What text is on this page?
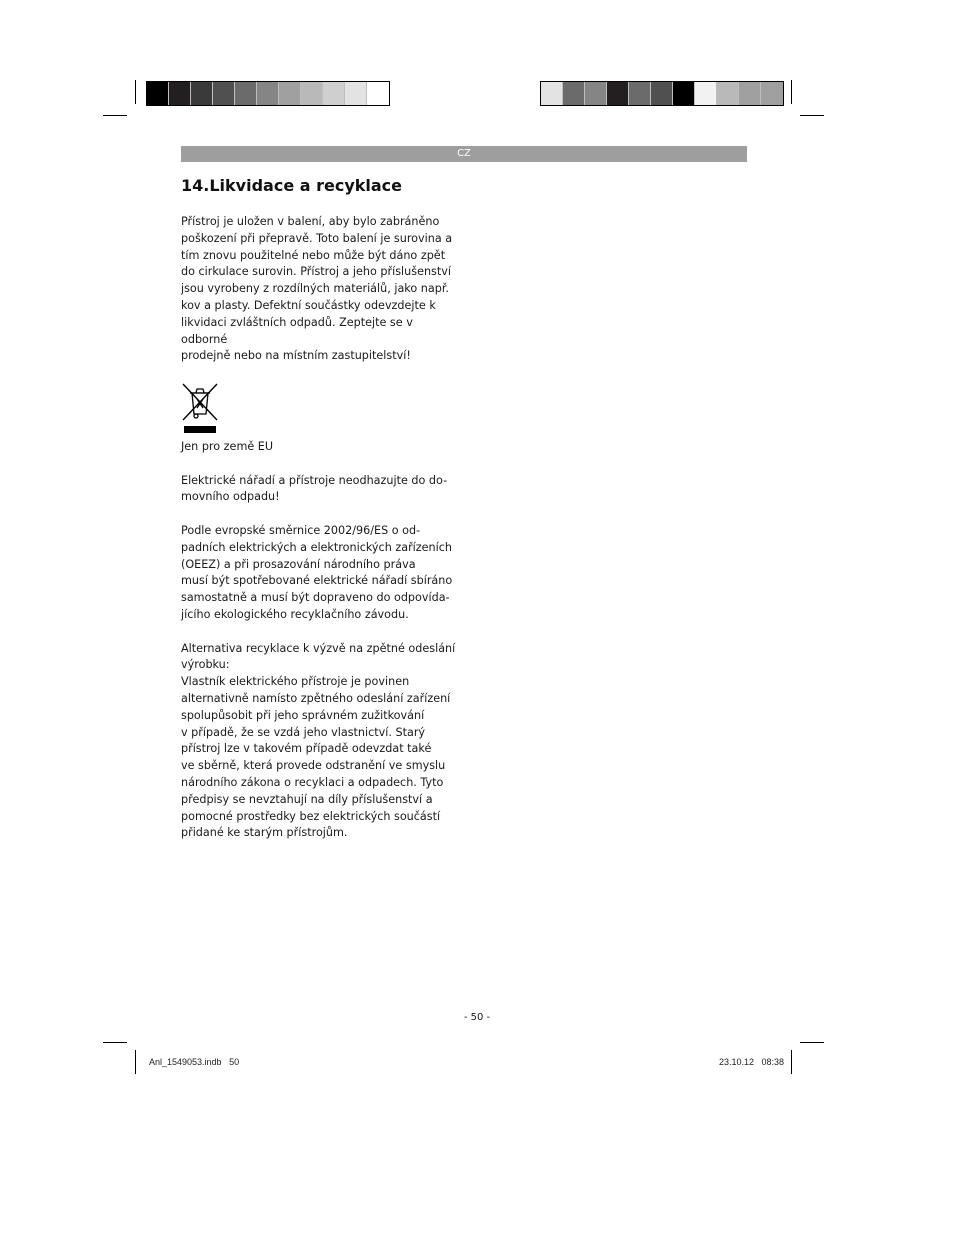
CZ
14.Likvidace a recyklace

Přístroj je uložen v balení, aby bylo zabráněno
poškození při přepravě. Toto balení je surovina a
tím znovu použitelné nebo může být dáno zpět
do cirkulace surovin. Přístroj a jeho příslušenství
jsou vyrobeny z rozdílných materiálů, jako např.
kov a plasty. Defektní součástky odevzdejte k
likvidaci zvláštních odpadů. Zeptejte se v odborné
prodejně nebo na místním zastupitelství!

Jen pro země EU

Elektrické nářadí a přístroje neodhazujte do do-
movního odpadu!

Podle evropské směrnice 2002/96/ES o od-
padních elektrických a elektronických zařízeních
(OEEZ) a při prosazování národního práva
musí být spotřebované elektrické nářadí sbíráno
samostatně a musí být dopraveno do odpovída-
jícího ekologického recyklačního závodu.

Alternativa recyklace k výzvě na zpětné odeslání
výrobku:
Vlastník elektrického přístroje je povinen
alternativně namísto zpětného odeslání zařízení
spolupůsobit při jeho správném zužitkování
v případě, že se vzdá jeho vlastnictví. Starý
přístroj lze v takovém případě odevzdat také
ve sběrně, která provede odstranění ve smyslu
národního zákona o recyklaci a odpadech. Tyto
předpisy se nevztahují na díly příslušenství a
pomocné prostředky bez elektrických součástí
přidané ke starým přístrojům.

- 50 -
Anl_1549053.indb   50	23.10.12   08:38
